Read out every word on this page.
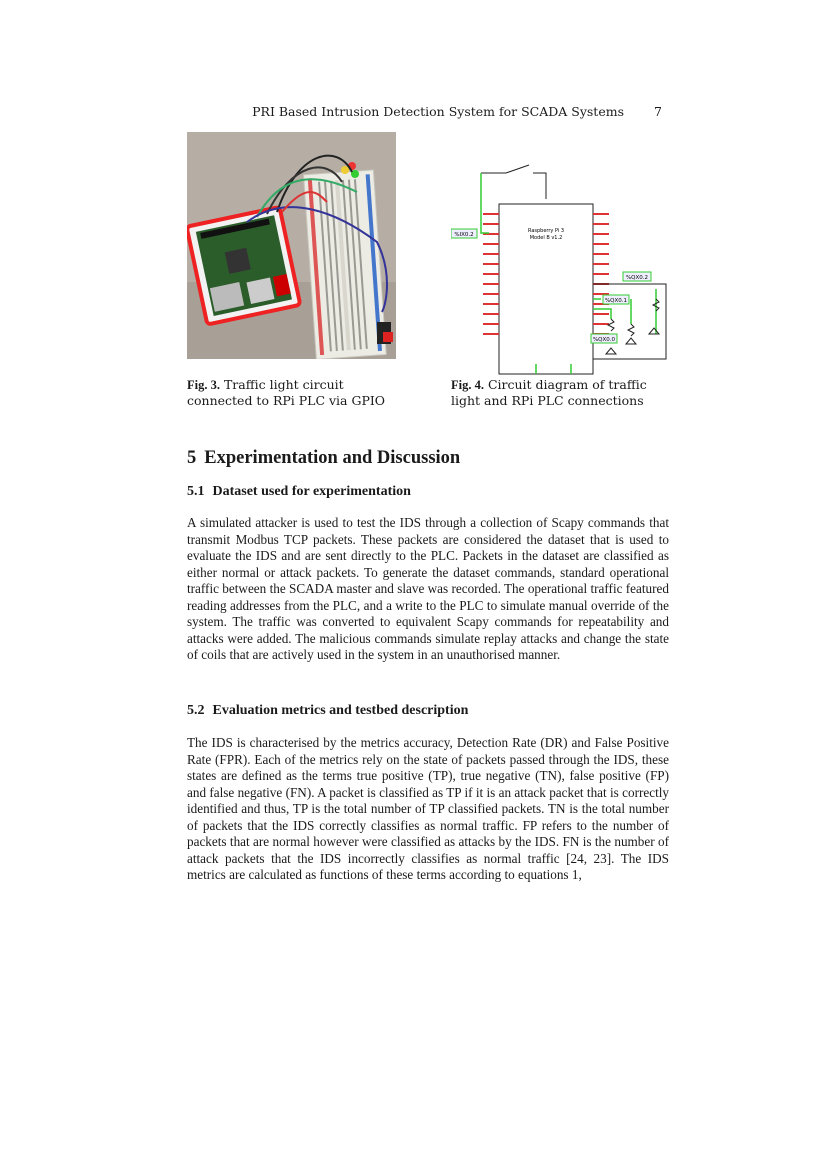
PRI Based Intrusion Detection System for SCADA Systems 7
Raspberry Pi 3
Model B v1.2
%IX0.2
%QX0.2
%QX0.1
%QX0.0
Fig. 3. Traffic light circuit connected to RPi PLC via GPIO
Fig. 4. Circuit diagram of traffic light and RPi PLC connections
5 Experimentation and Discussion
5.1 Dataset used for experimentation
A simulated attacker is used to test the IDS through a collection of Scapy commands that transmit Modbus TCP packets. These packets are considered the dataset that is used to evaluate the IDS and are sent directly to the PLC. Packets in the dataset are classified as either normal or attack packets. To generate the dataset commands, standard operational traffic between the SCADA master and slave was recorded. The operational traffic featured reading addresses from the PLC, and a write to the PLC to simulate manual override of the system. The traffic was converted to equivalent Scapy commands for repeatability and attacks were added. The malicious commands simulate replay attacks and change the state of coils that are actively used in the system in an unauthorised manner.
5.2 Evaluation metrics and testbed description
The IDS is characterised by the metrics accuracy, Detection Rate (DR) and False Positive Rate (FPR). Each of the metrics rely on the state of packets passed through the IDS, these states are defined as the terms true positive (TP), true negative (TN), false positive (FP) and false negative (FN). A packet is classified as TP if it is an attack packet that is correctly identified and thus, TP is the total number of TP classified packets. TN is the total number of packets that the IDS correctly classifies as normal traffic. FP refers to the number of packets that are normal however were classified as attacks by the IDS. FN is the number of attack packets that the IDS incorrectly classifies as normal traffic [24, 23]. The IDS metrics are calculated as functions of these terms according to equations 1,
